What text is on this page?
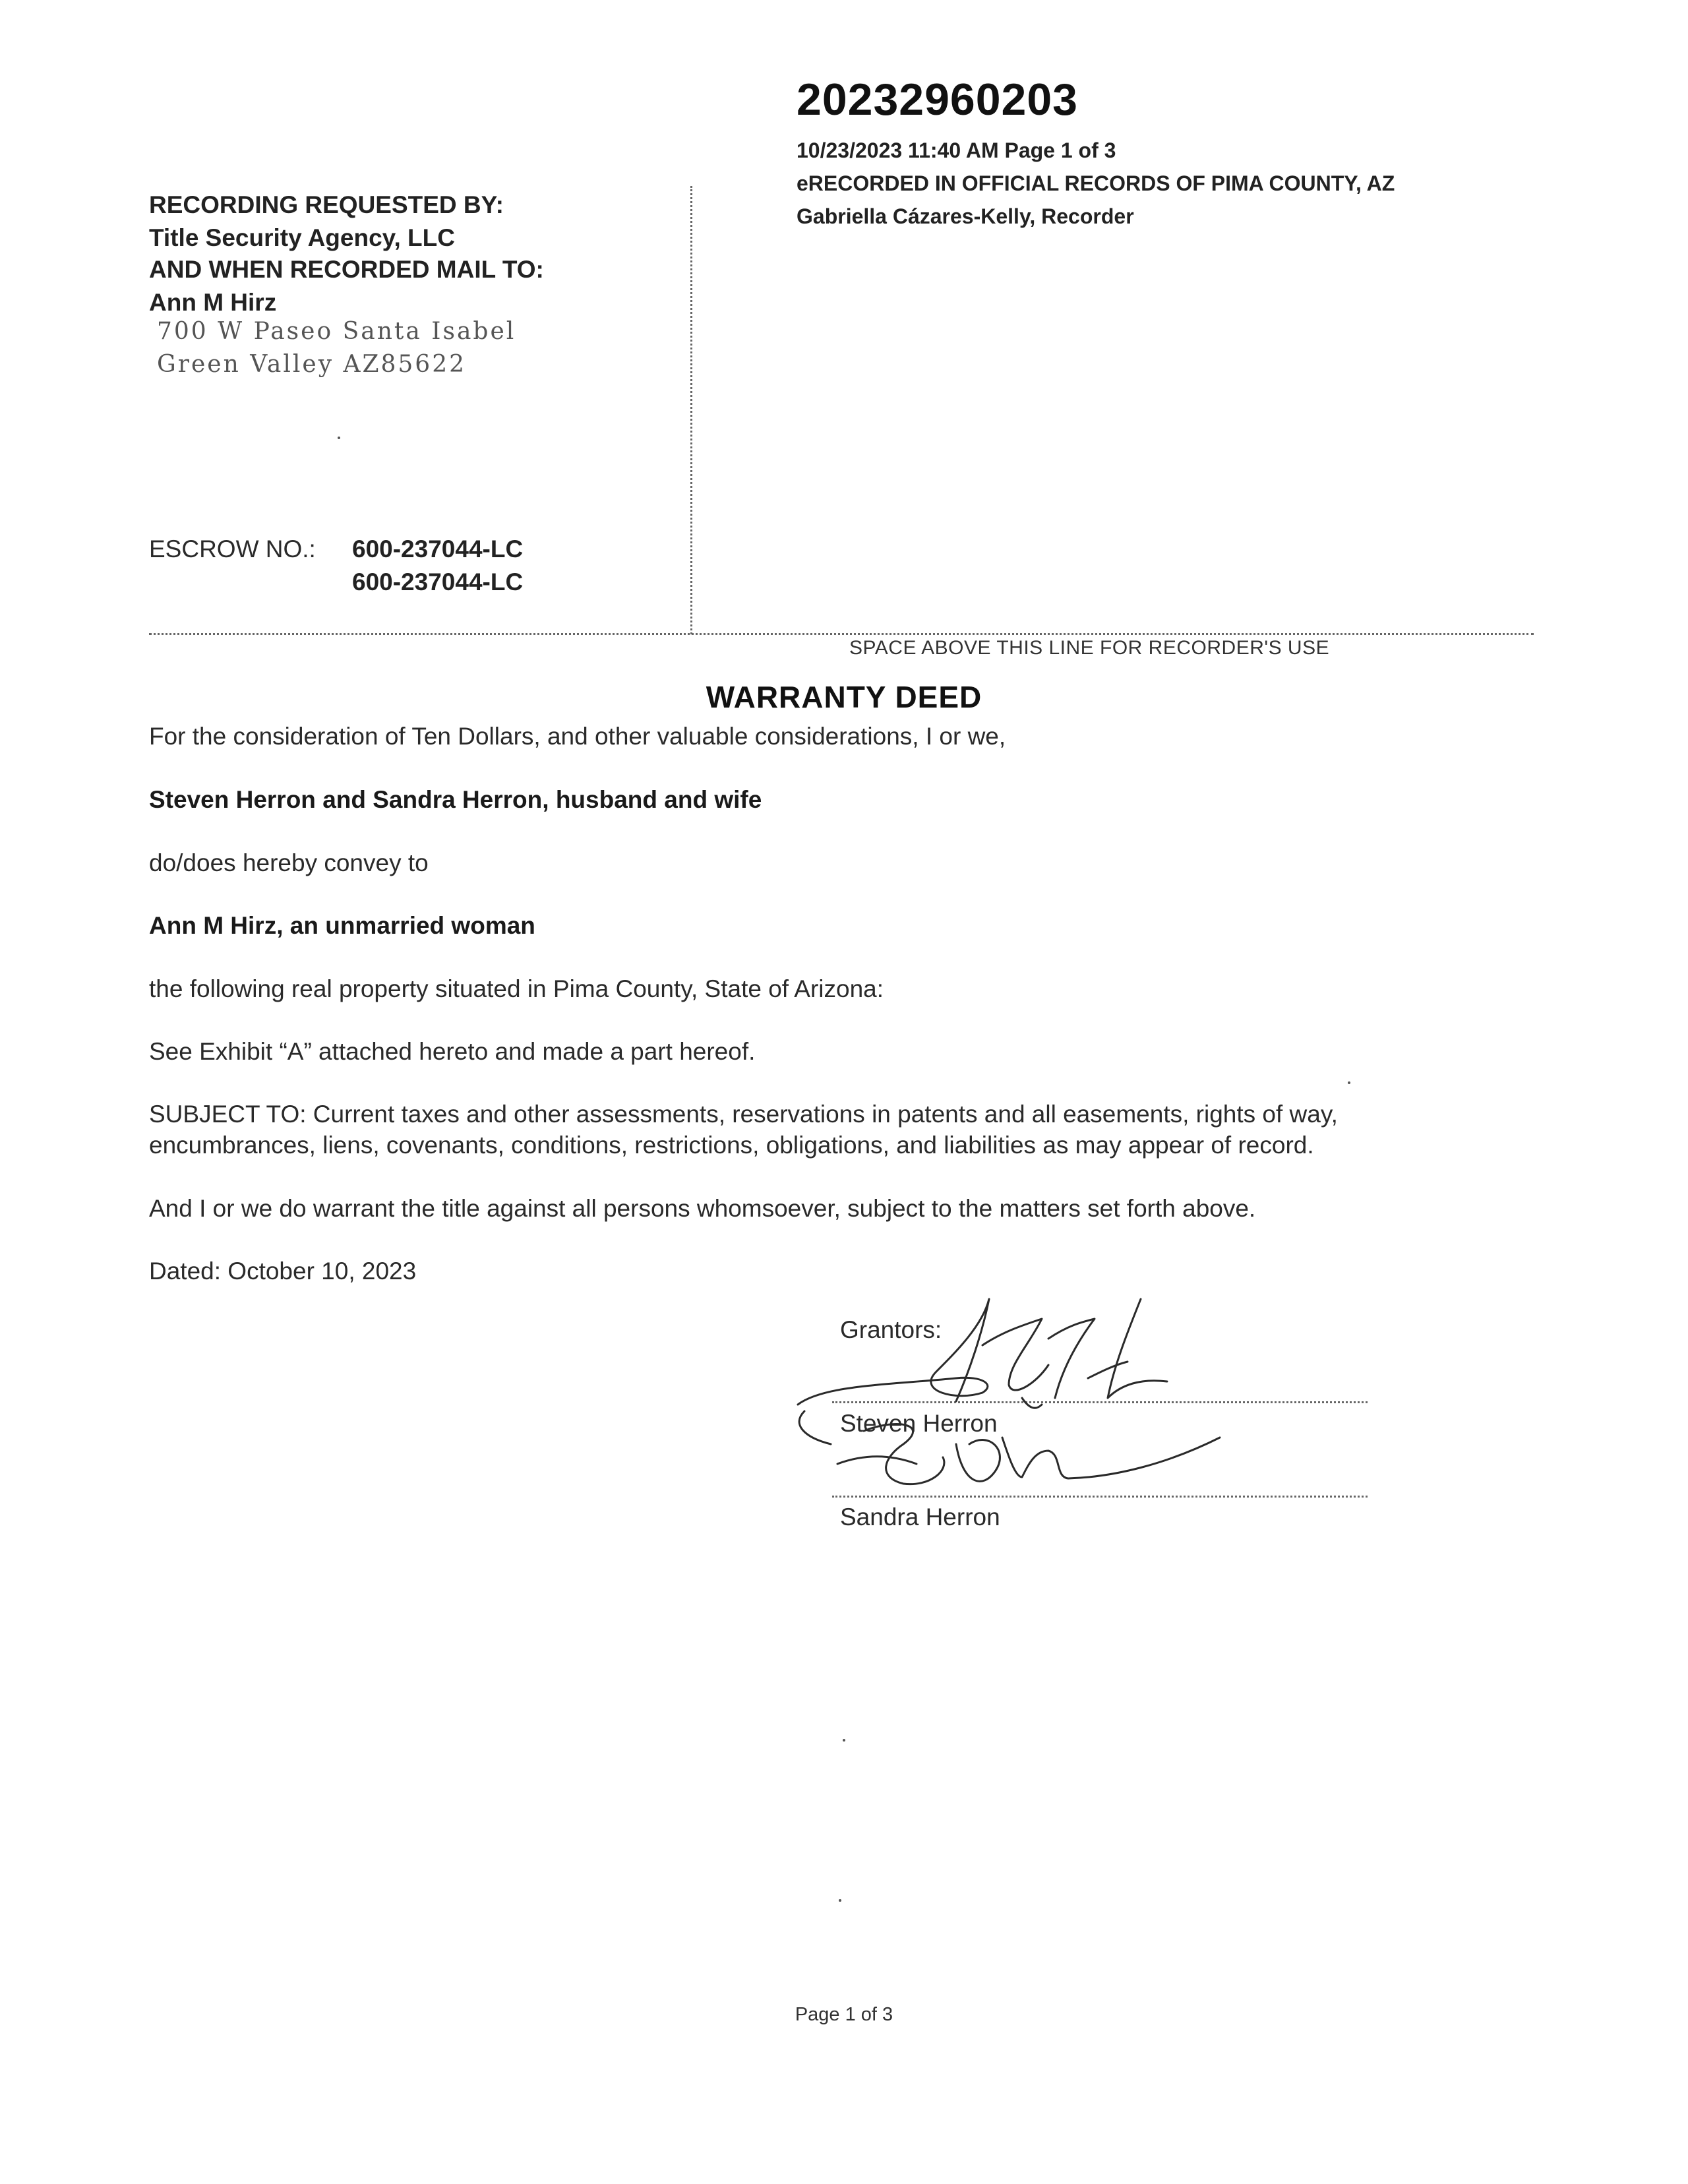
20232960203
10/23/2023 11:40 AM Page 1 of 3
eRECORDED IN OFFICIAL RECORDS OF PIMA COUNTY, AZ
Gabriella Cázares-Kelly, Recorder
RECORDING REQUESTED BY:
Title Security Agency, LLC
AND WHEN RECORDED MAIL TO:
Ann M Hirz
700 W Paseo Santa Isabel
Green Valley AZ85622
ESCROW NO.: 600-237044-LC
600-237044-LC
SPACE ABOVE THIS LINE FOR RECORDER'S USE
WARRANTY DEED
For the consideration of Ten Dollars, and other valuable considerations, I or we,
Steven Herron and Sandra Herron, husband and wife
do/does hereby convey to
Ann M Hirz, an unmarried woman
the following real property situated in Pima County, State of Arizona:
See Exhibit “A” attached hereto and made a part hereof.
SUBJECT TO: Current taxes and other assessments, reservations in patents and all easements, rights of way,
encumbrances, liens, covenants, conditions, restrictions, obligations, and liabilities as may appear of record.
And I or we do warrant the title against all persons whomsoever, subject to the matters set forth above.
Dated: October 10, 2023
Grantors:
Steven Herron
Sandra Herron
Page 1 of 3
